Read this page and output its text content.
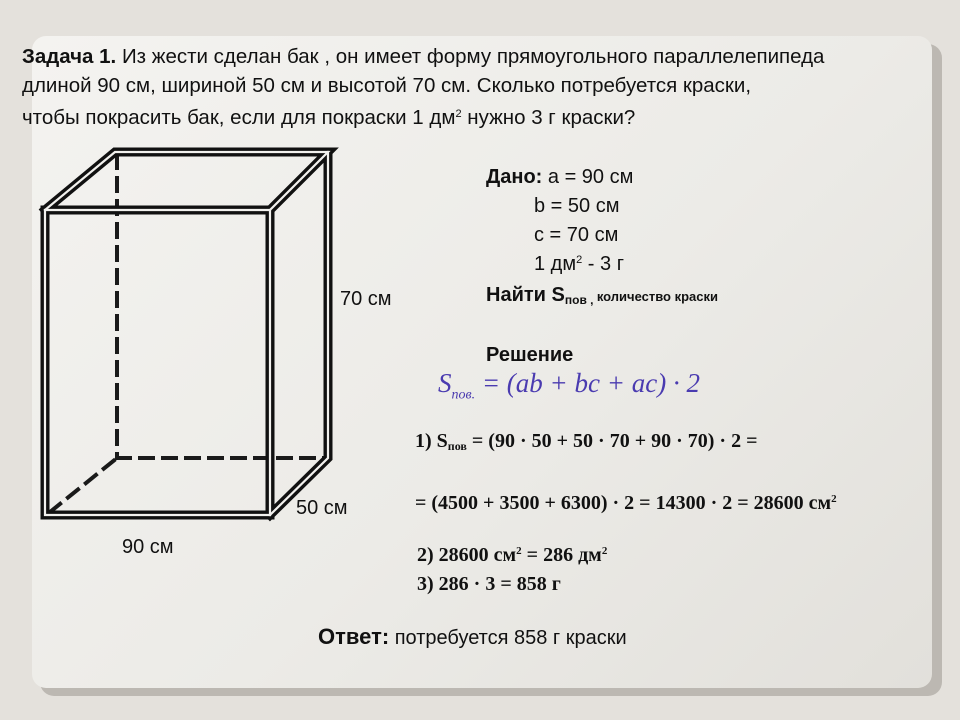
Задача 1. Из жести сделан бак , он имеет форму прямоугольного параллелепипеда
длиной 90 см, шириной 50 см и высотой 70 см. Сколько потребуется краски,
чтобы покрасить бак, если для покраски 1 $дм^2$ нужно 3 г краски?
70 см
50 см
90 см
Дано: a = 90 см
b = 50 см
c = 70 см
1 $дм^2 - 3$ г
Найти $S_{пов ,}$ количество краски
Решение
$S_{пов.} = (ab$ + bc + ac) · 2
1) $S_{пов} = (90 \cdot 50 + 50 \cdot 70 + 90 \cdot 70) \cdot 2$ =
= (4500 + 3500 + 6300) · 2 = 14300 · 2 = 28600 $см^2$
2) 28600 $см^2 = 286$ $дм^2$
3) 286 · 3 = 858 г
Ответ: потребуется 858 г краски
